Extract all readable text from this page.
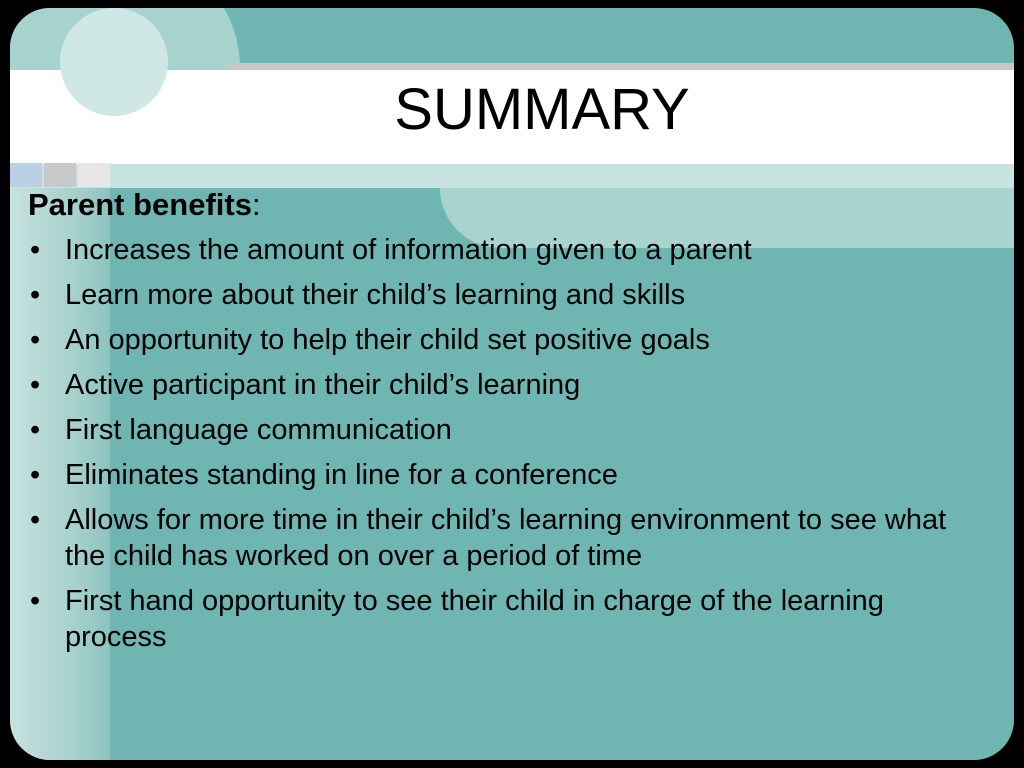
SUMMARY
Parent benefits:
• Increases the amount of information given to a parent
• Learn more about their child’s learning and skills
• An opportunity to help their child set positive goals
• Active participant in their child’s learning
• First language communication
• Eliminates standing in line for a conference
• Allows for more time in their child’s learning environment to see what the child has worked on over a period of time
• First hand opportunity to see their child in charge of the learning process
